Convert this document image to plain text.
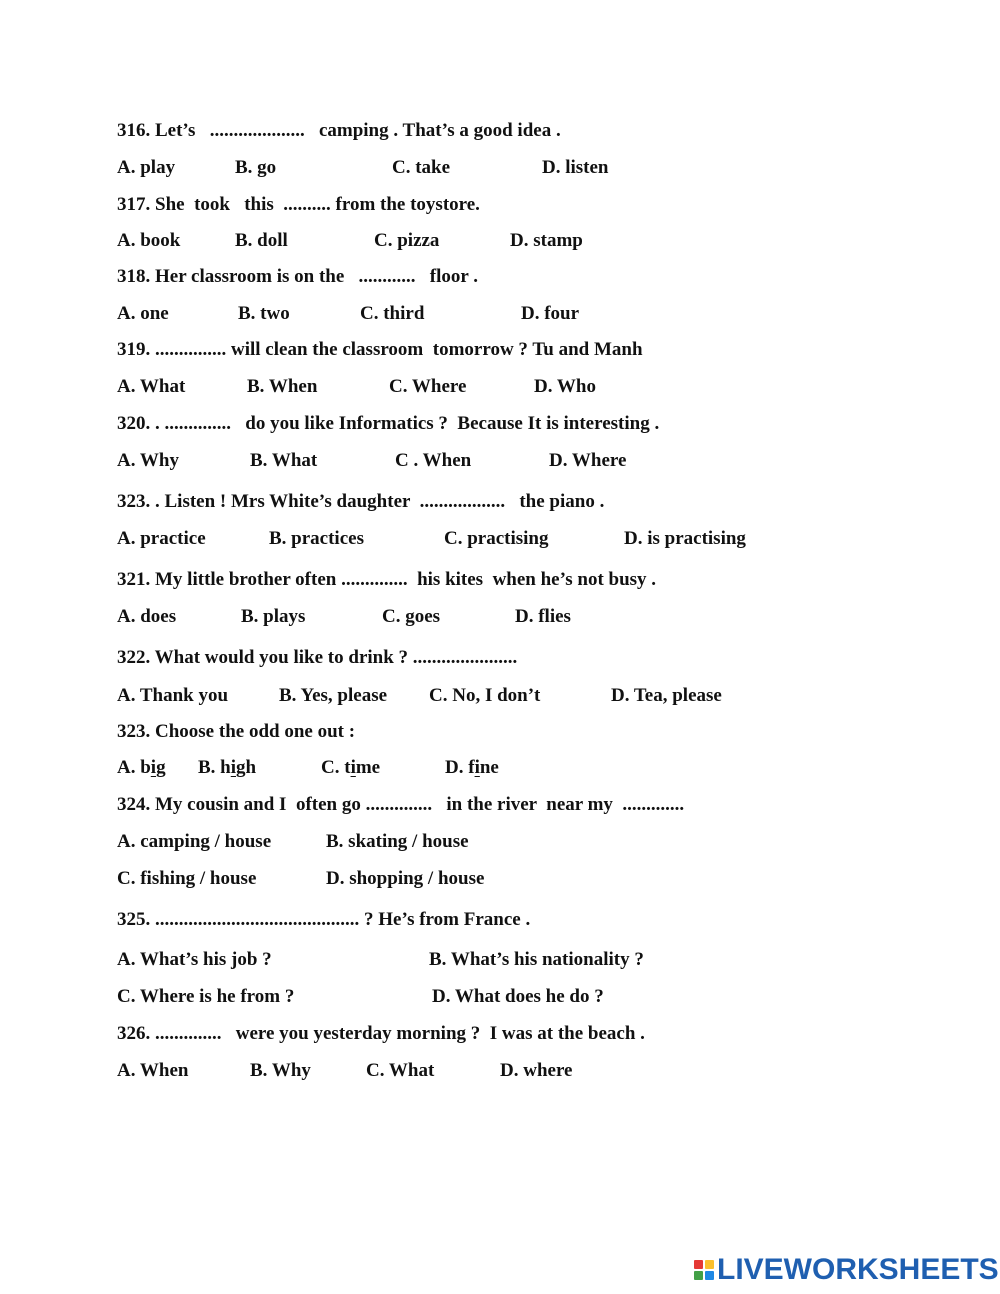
316. Let’s   ....................   camping . That’s a good idea .

A. play

	B. go

	C. take

	D. listen

317. She  took   this  .......... from the toystore.

A. book

	B. doll

	C. pizza

	D. stamp

318. Her classroom is on the   ............   floor .

A. one

	B. two

	C. third

	D. four

319. ............... will clean the classroom  tomorrow ? Tu and Manh

A. What

	B. When

	C. Where

	D. Who

320. . ..............   do you like Informatics ?  Because It is interesting .

A. Why

	B. What

	C . When

	D. Where

323. . Listen ! Mrs White’s daughter  ..................   the piano .

A. practice

	B. practices

	C. practising

	D. is practising

321. My little brother often ..............  his kites  when he’s not busy .

A. does

	B. plays

	C. goes

	D. flies

322. What would you like to drink ? ......................

A. Thank you

	B. Yes, please

C. No, I don’t

	D. Tea, please

323. Choose the odd one out :

A. big

B. high

	C. time

	D. fine

324. My cousin and I  often go ..............   in the river  near my  .............

A. camping / house

	B. skating / house

C. fishing / house

	D. shopping / house

325. ........................................... ? He’s from France .

A. What’s his job ?

	B. What’s his nationality ?

C. Where is he from ?

	D. What does he do ?

326. ..............   were you yesterday morning ?  I was at the beach .

A. When

	B. Why

	C. What

	D. where

LIVEWORKSHEETS
